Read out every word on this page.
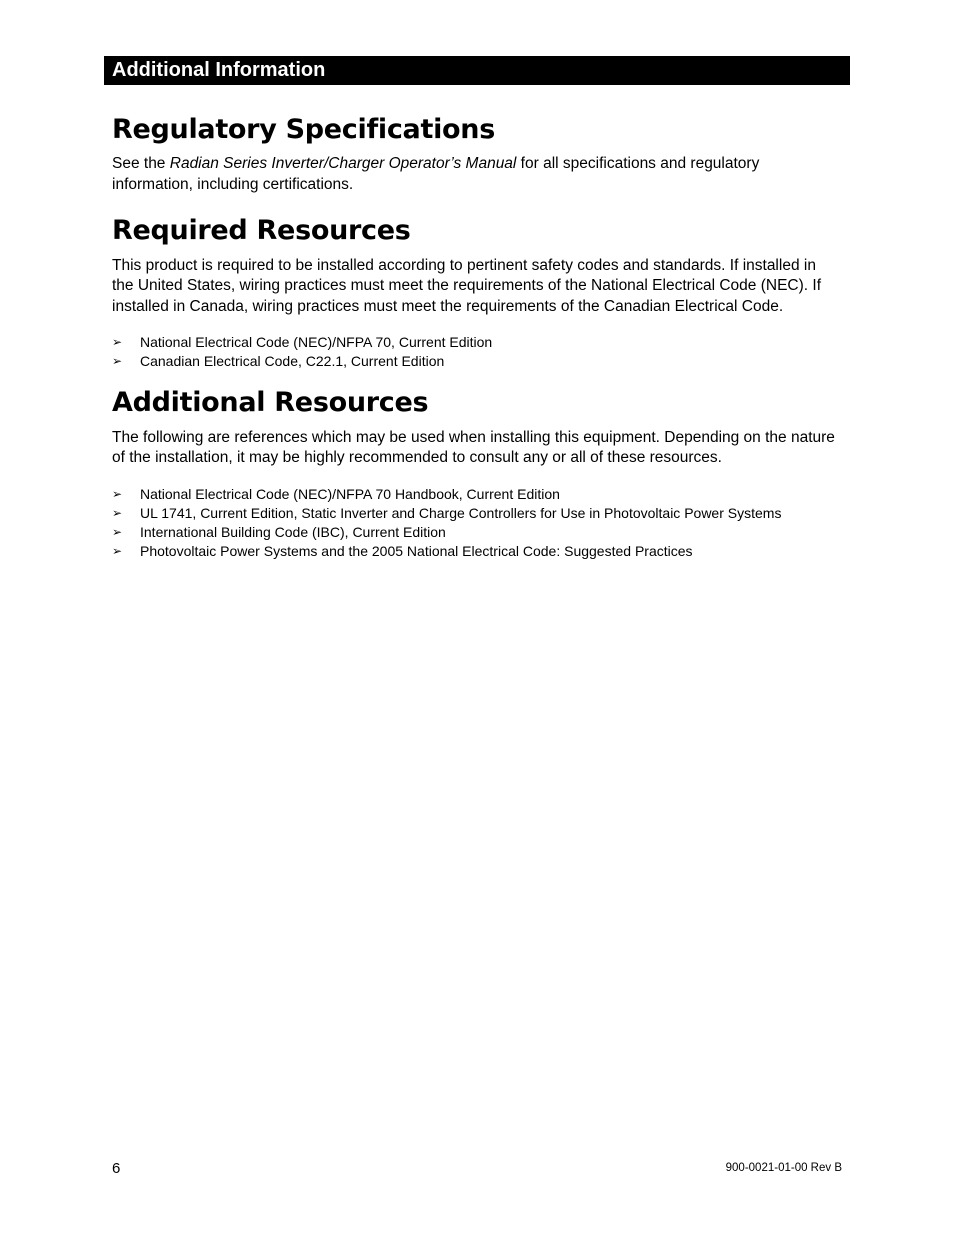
Additional Information
Regulatory Specifications

See the Radian Series Inverter/Charger Operator’s Manual for all specifications and regulatory information, including certifications.

Required Resources

This product is required to be installed according to pertinent safety codes and standards. If installed in the United States, wiring practices must meet the requirements of the National Electrical Code (NEC). If installed in Canada, wiring practices must meet the requirements of the Canadian Electrical Code.

➢ National Electrical Code (NEC)/NFPA 70, Current Edition
➢ Canadian Electrical Code, C22.1, Current Edition
Additional Resources

The following are references which may be used when installing this equipment. Depending on the nature of the installation, it may be highly recommended to consult any or all of these resources.

➢ National Electrical Code (NEC)/NFPA 70 Handbook, Current Edition
➢ UL 1741, Current Edition, Static Inverter and Charge Controllers for Use in Photovoltaic Power Systems
➢ International Building Code (IBC), Current Edition
➢ Photovoltaic Power Systems and the 2005 National Electrical Code: Suggested Practices
6	900-0021-01-00 Rev B
